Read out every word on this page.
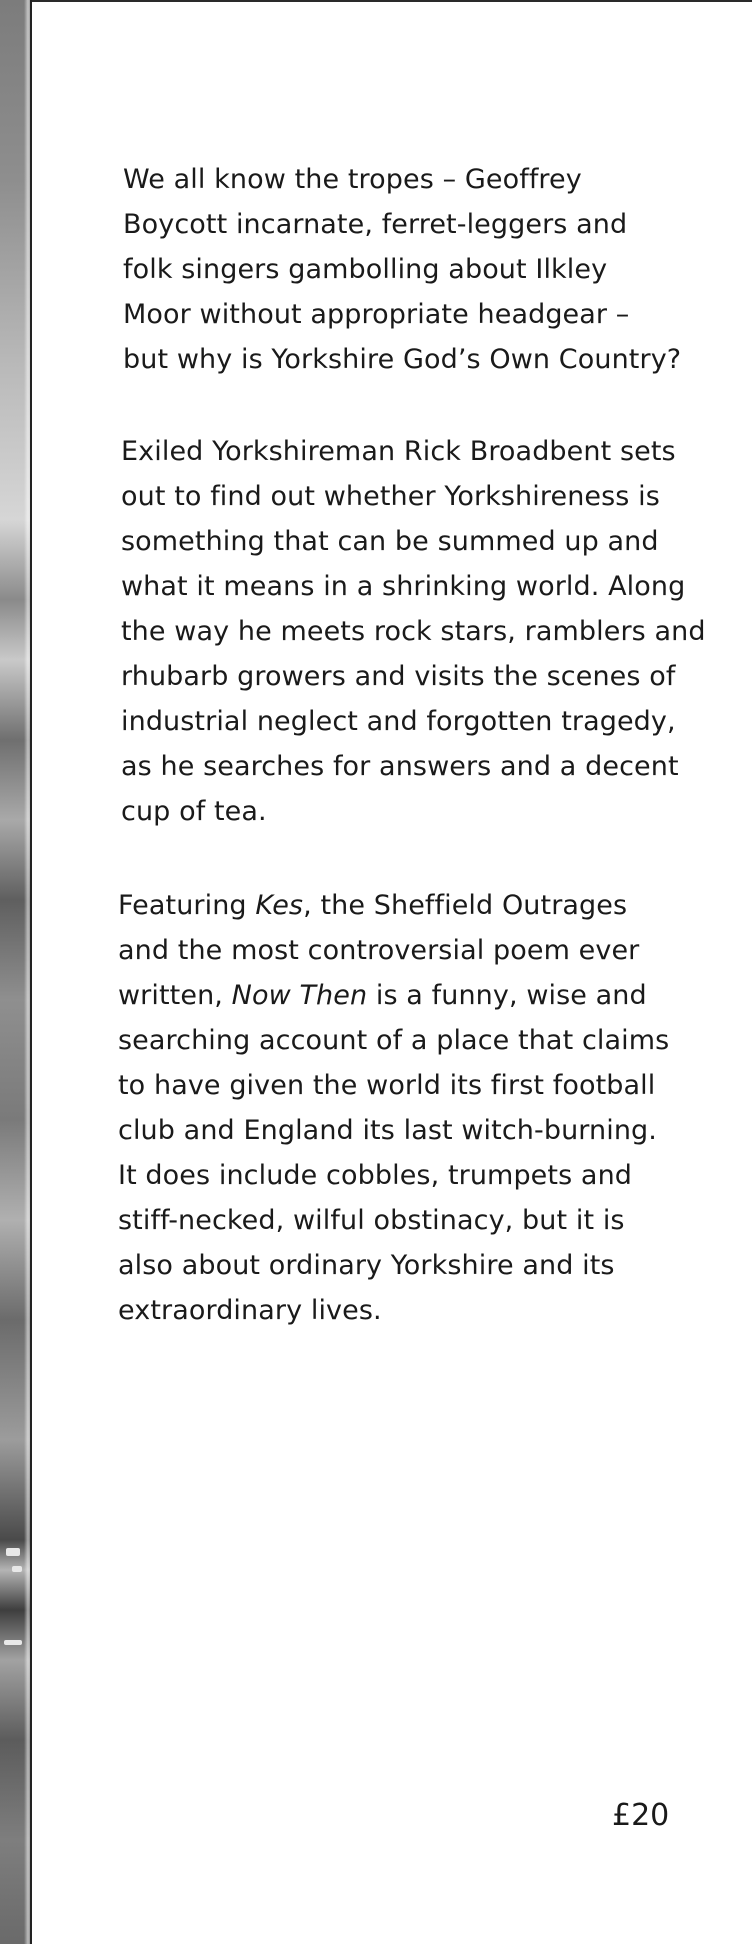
We all know the tropes – Geoffrey
Boycott incarnate, ferret-leggers and
folk singers gambolling about Ilkley
Moor without appropriate headgear –
but why is Yorkshire God’s Own Country?

Exiled Yorkshireman Rick Broadbent sets
out to find out whether Yorkshireness is
something that can be summed up and
what it means in a shrinking world. Along
the way he meets rock stars, ramblers and
rhubarb growers and visits the scenes of
industrial neglect and forgotten tragedy,
as he searches for answers and a decent
cup of tea.

Featuring Kes, the Sheffield Outrages
and the most controversial poem ever
written, Now Then is a funny, wise and
searching account of a place that claims
to have given the world its first football
club and England its last witch-burning.
It does include cobbles, trumpets and
stiff-necked, wilful obstinacy, but it is
also about ordinary Yorkshire and its
extraordinary lives.

£20
